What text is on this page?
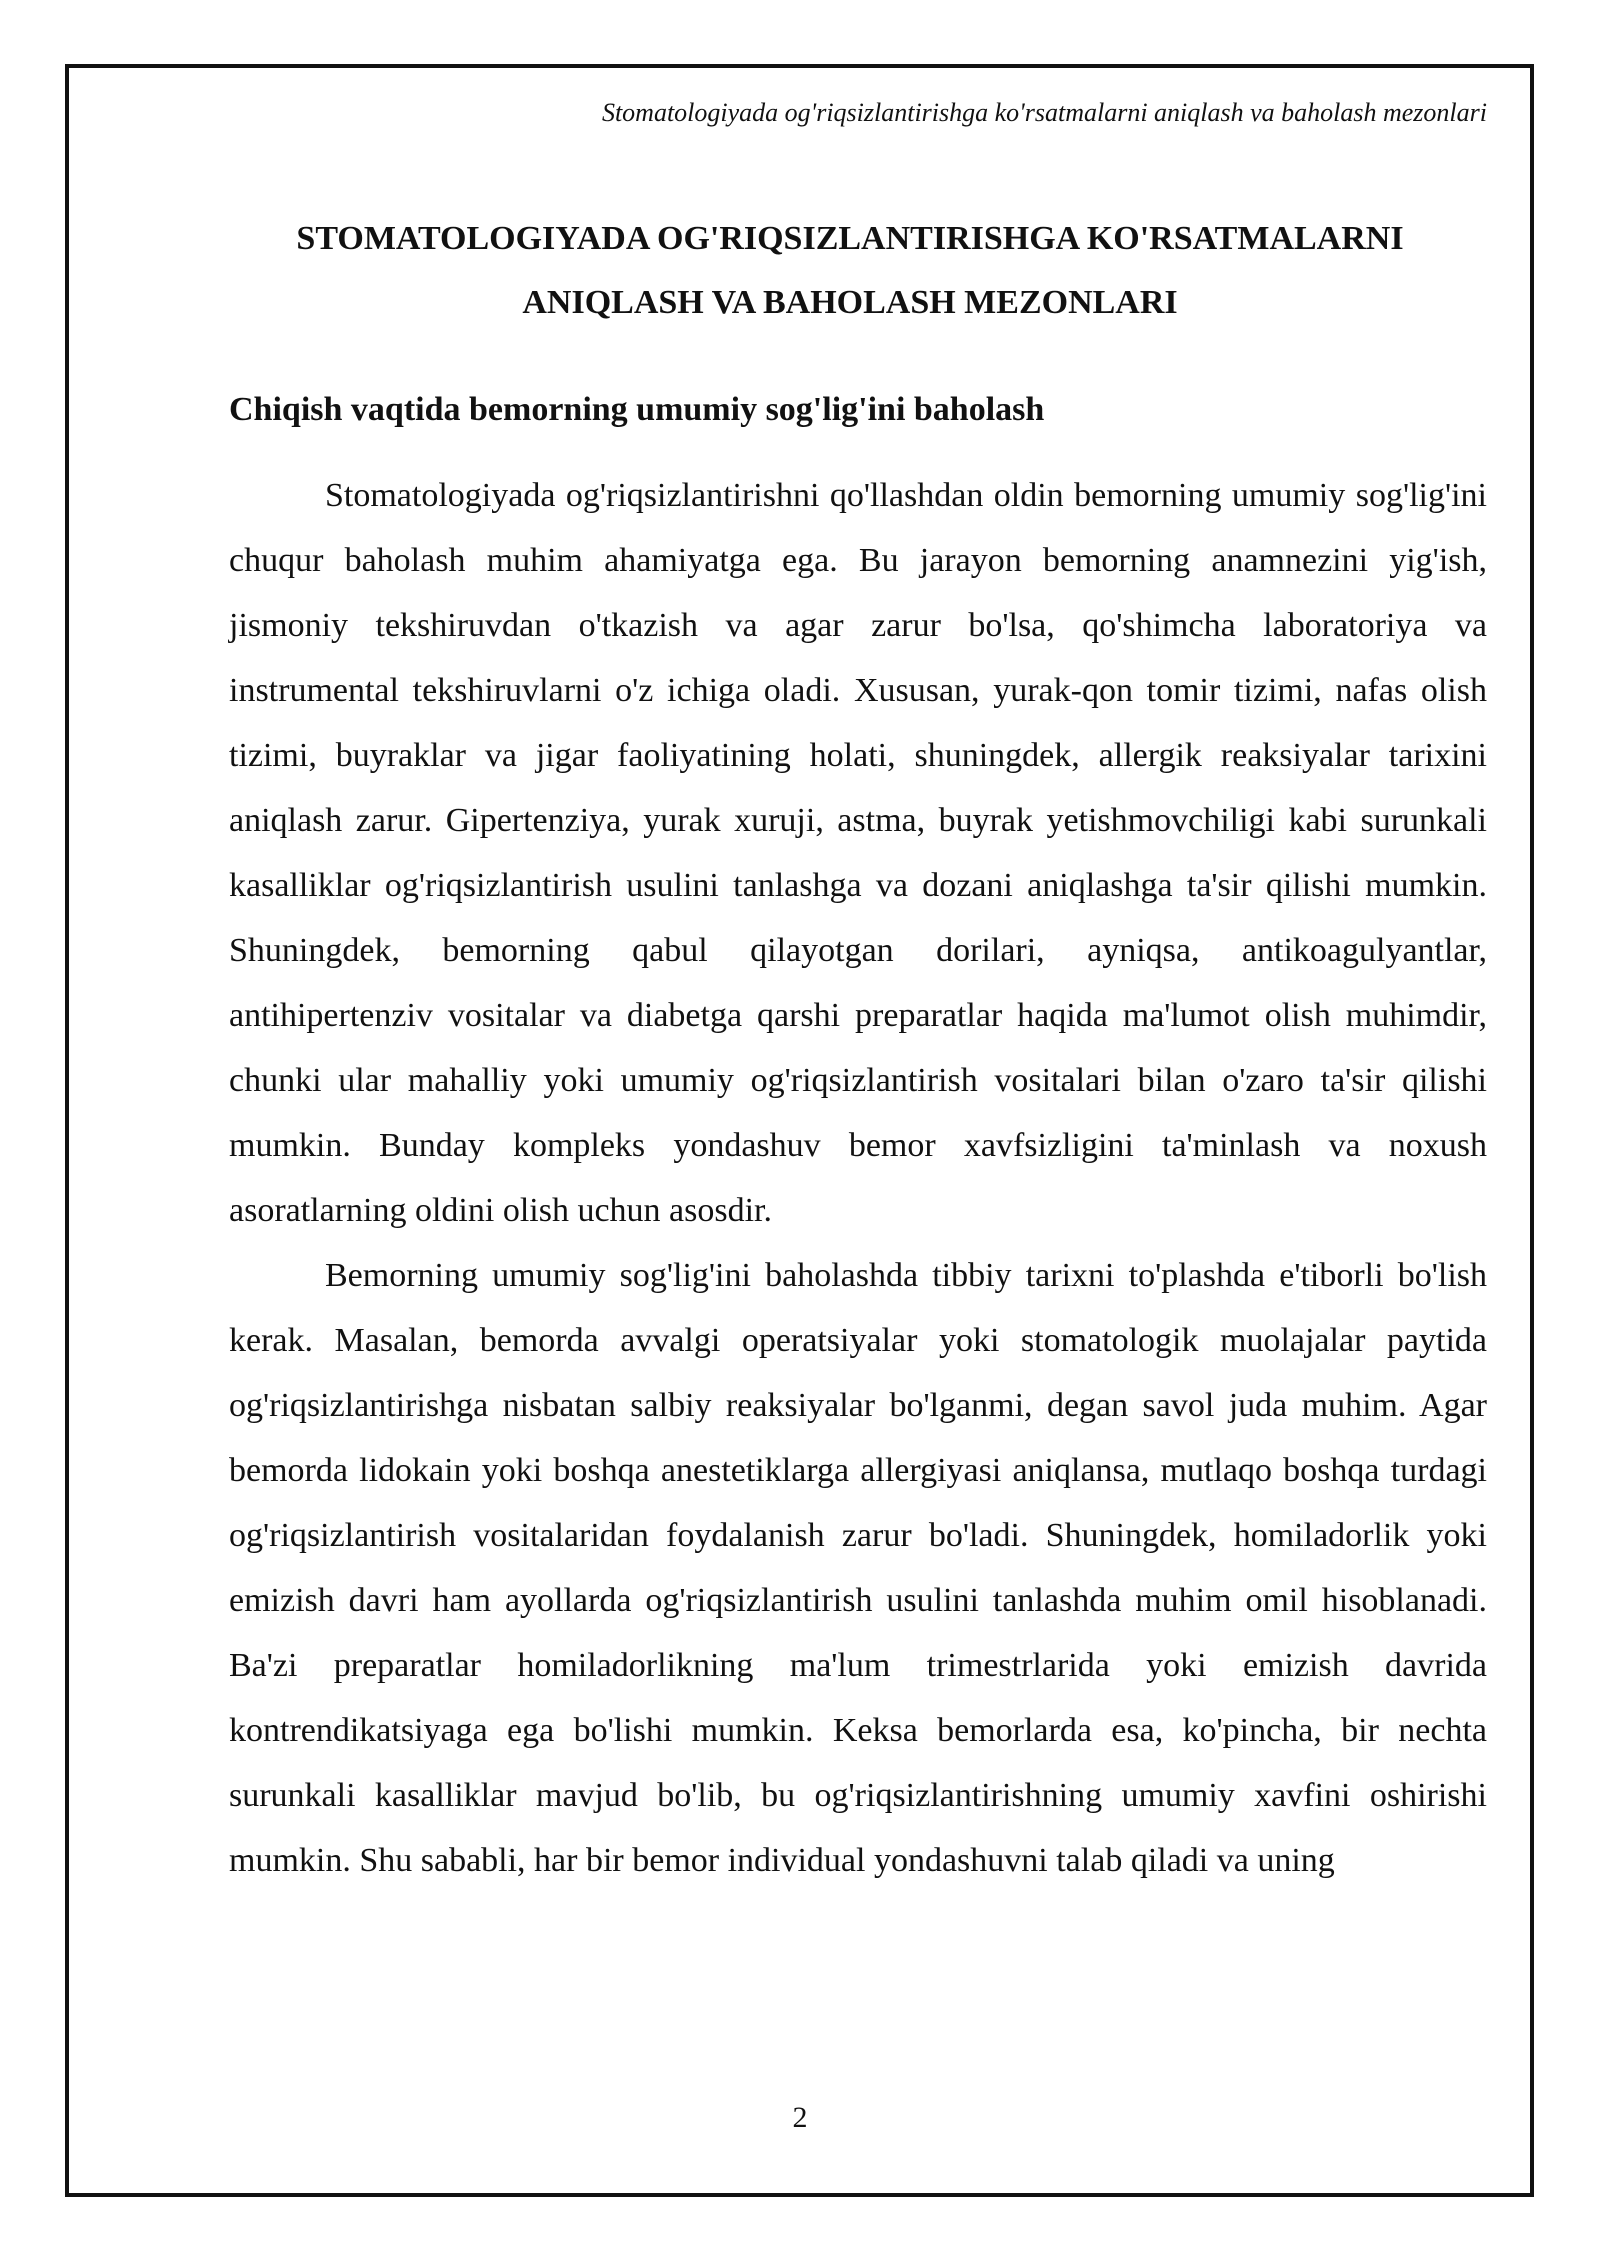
Stomatologiyada og'riqsizlantirishga ko'rsatmalarni aniqlash va baholash mezonlari
STOMATOLOGIYADA OG'RIQSIZLANTIRISHGA KO'RSATMALARNI
ANIQLASH VA BAHOLASH MEZONLARI
Chiqish vaqtida bemorning umumiy sog'lig'ini baholash

Stomatologiyada og'riqsizlantirishni qo'llashdan oldin bemorning umumiy sog'lig'ini chuqur baholash muhim ahamiyatga ega. Bu jarayon bemorning anamnezini yig'ish, jismoniy tekshiruvdan o'tkazish va agar zarur bo'lsa, qo'shimcha laboratoriya va instrumental tekshiruvlarni o'z ichiga oladi. Xususan, yurak-qon tomir tizimi, nafas olish tizimi, buyraklar va jigar faoliyatining holati, shuningdek, allergik reaksiyalar tarixini aniqlash zarur. Gipertenziya, yurak xuruji, astma, buyrak yetishmovchiligi kabi surunkali kasalliklar og'riqsizlantirish usulini tanlashga va dozani aniqlashga ta'sir qilishi mumkin. Shuningdek, bemorning qabul qilayotgan dorilari, ayniqsa, antikoagulyantlar, antihipertenziv vositalar va diabetga qarshi preparatlar haqida ma'lumot olish muhimdir, chunki ular mahalliy yoki umumiy og'riqsizlantirish vositalari bilan o'zaro ta'sir qilishi mumkin. Bunday kompleks yondashuv bemor xavfsizligini ta'minlash va noxush asoratlarning oldini olish uchun asosdir.

Bemorning umumiy sog'lig'ini baholashda tibbiy tarixni to'plashda e'tiborli bo'lish kerak. Masalan, bemorda avvalgi operatsiyalar yoki stomatologik muolajalar paytida og'riqsizlantirishga nisbatan salbiy reaksiyalar bo'lganmi, degan savol juda muhim. Agar bemorda lidokain yoki boshqa anestetiklarga allergiyasi aniqlansa, mutlaqo boshqa turdagi og'riqsizlantirish vositalaridan foydalanish zarur bo'ladi. Shuningdek, homiladorlik yoki emizish davri ham ayollarda og'riqsizlantirish usulini tanlashda muhim omil hisoblanadi. Ba'zi preparatlar homiladorlikning ma'lum trimestrlarida yoki emizish davrida kontrendikatsiyaga ega bo'lishi mumkin. Keksa bemorlarda esa, ko'pincha, bir nechta surunkali kasalliklar mavjud bo'lib, bu og'riqsizlantirishning umumiy xavfini oshirishi mumkin. Shu sababli, har bir bemor individual yondashuvni talab qiladi va uning

2
